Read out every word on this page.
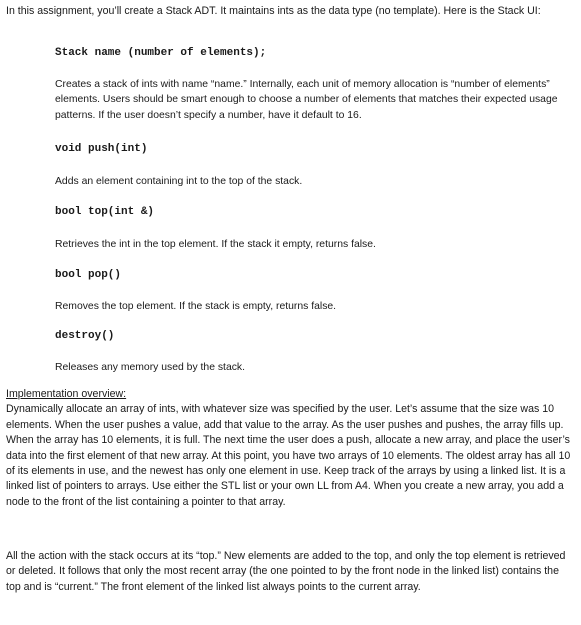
In this assignment, you’ll create a Stack ADT. It maintains ints as the data type (no template). Here is the Stack UI:

Stack name (number of elements);

Creates a stack of ints with name “name.” Internally, each unit of memory allocation is “number of elements” elements. Users should be smart enough to choose a number of elements that matches their expected usage patterns. If the user doesn’t specify a number, have it default to 16.

void push(int)

Adds an element containing int to the top of the stack.

bool top(int &)

Retrieves the int in the top element. If the stack it empty, returns false.

bool pop()

Removes the top element. If the stack is empty, returns false.

destroy()

Releases any memory used by the stack.

Implementation overview:

Dynamically allocate an array of ints, with whatever size was specified by the user. Let’s assume that the size was 10 elements. When the user pushes a value, add that value to the array. As the user pushes and pushes, the array fills up. When the array has 10 elements, it is full. The next time the user does a push, allocate a new array, and place the user’s data into the first element of that new array. At this point, you have two arrays of 10 elements. The oldest array has all 10 of its elements in use, and the newest has only one element in use. Keep track of the arrays by using a linked list. It is a linked list of pointers to arrays. Use either the STL list or your own LL from A4. When you create a new array, you add a node to the front of the list containing a pointer to that array.

All the action with the stack occurs at its “top.” New elements are added to the top, and only the top element is retrieved or deleted. It follows that only the most recent array (the one pointed to by the front node in the linked list) contains the top and is “current.” The front element of the linked list always points to the current array.
